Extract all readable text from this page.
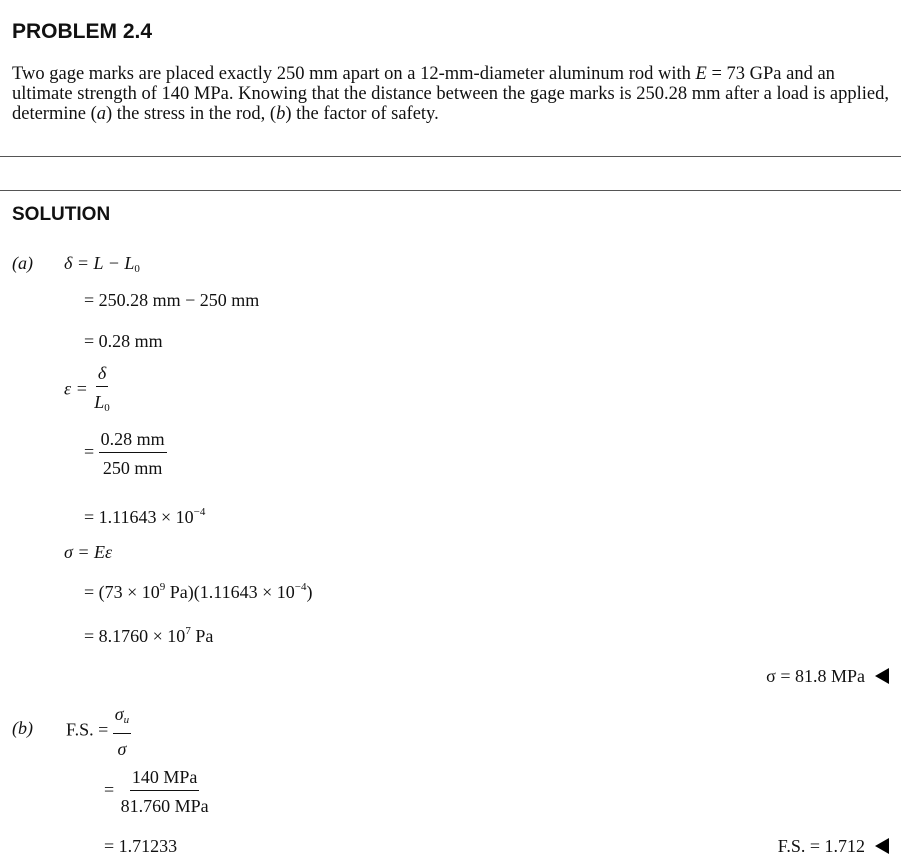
PROBLEM 2.4
Two gage marks are placed exactly 250 mm apart on a 12-mm-diameter aluminum rod with E = 73 GPa and an ultimate strength of 140 MPa. Knowing that the distance between the gage marks is 250.28 mm after a load is applied, determine (a) the stress in the rod, (b) the factor of safety.
SOLUTION
(a) $\delta = L - L_0$
= 250.28 mm − 250 mm
= 0.28 mm
$\varepsilon = \frac{\delta}{L_0}$
= $\frac{0.28 mm}{250 mm}$
= $1.11643 \times 10^{-4}$
σ = Eε
= ($73 \times 10^9$ $Pa)(1.11643 \times 10^{-4})$
= $8.1760 \times 10^7$ Pa
σ = 81.8 MPa
(b) F.S. = $\frac{\sigma_u}{\sigma}$
= $\frac{\text{140 MPa}}{\text{81.760 MPa}}$
= 1.71233	F.S. = 1.712
